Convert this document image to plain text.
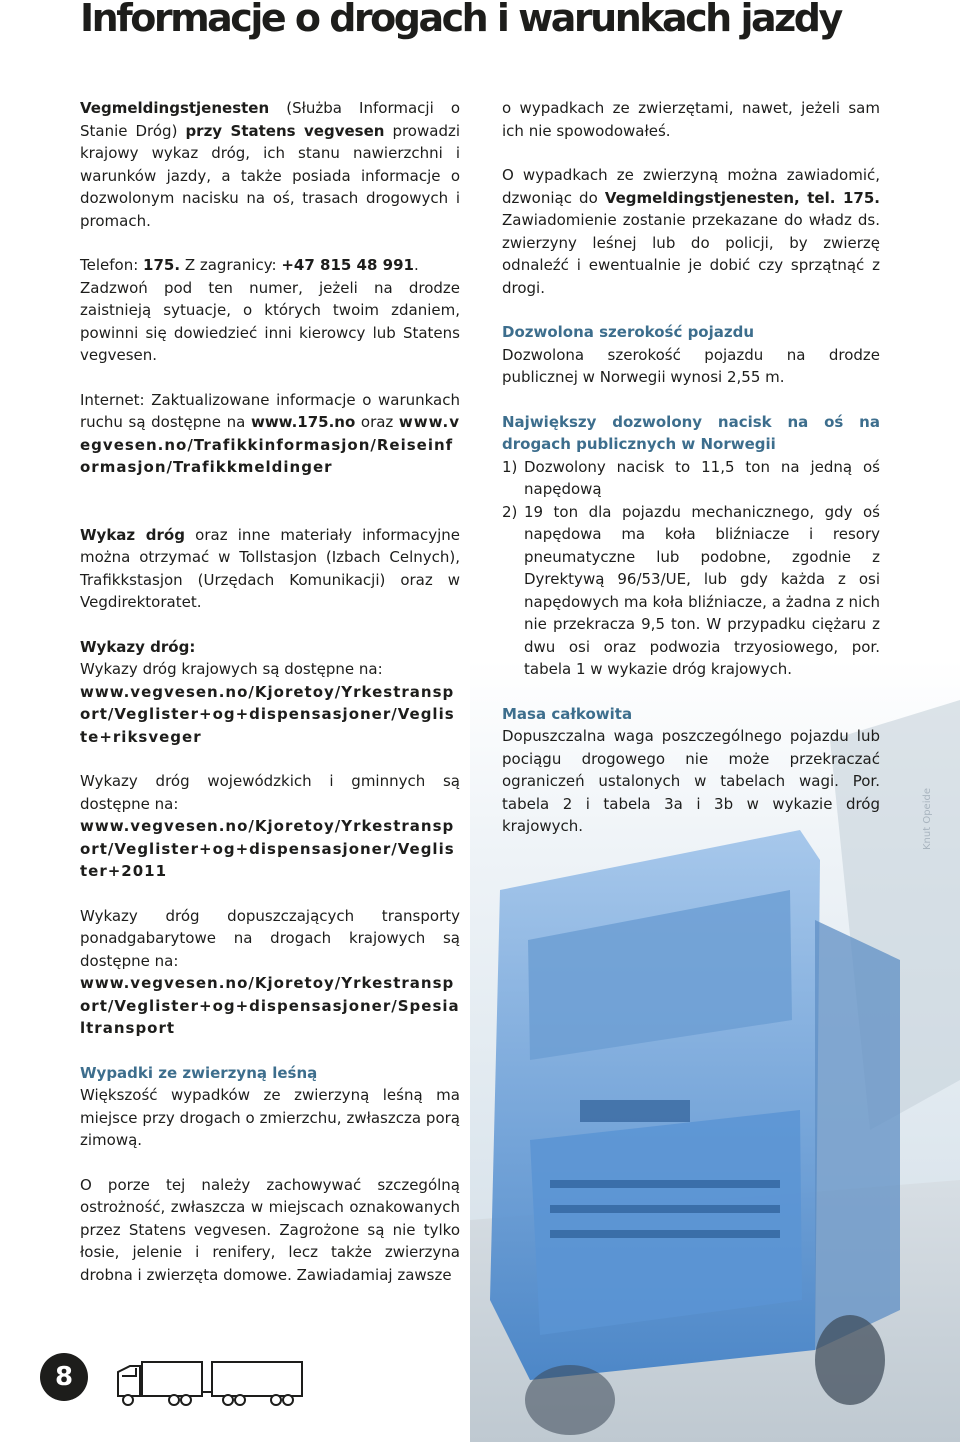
Knut Opeide
Informacje o drogach i warunkach jazdy

Vegmeldingstjenesten (Służba Informacji o Stanie Dróg) przy Statens vegvesen prowadzi krajowy wykaz dróg, ich stanu nawierzchni i warunków jazdy, a także posiada informacje o dozwolonym nacisku na oś, trasach drogowych i promach.

Telefon: 175. Z zagranicy: +47 815 48 991.

Zadzwoń pod ten numer, jeżeli na drodze zaistnieją sytuacje, o których twoim zdaniem, powinni się dowiedzieć inni kierowcy lub Statens vegvesen.

Internet: Zaktualizowane informacje o warunkach ruchu są dostępne na www.175.no oraz www.vegvesen.no/Trafikkinformasjon/Reiseinformasjon/Trafikkmeldinger

Wykaz dróg oraz inne materiały informacyjne można otrzymać w Tollstasjon (Izbach Celnych), Trafikkstasjon (Urzędach Komunikacji) oraz w Vegdirektoratet.

Wykazy dróg:

Wykazy dróg krajowych są dostępne na:

www.vegvesen.no/Kjoretoy/Yrkestransport/Veglister+og+dispensasjoner/Vegliste+riksveger

Wykazy dróg wojewódzkich i gminnych są dostępne na:

www.vegvesen.no/Kjoretoy/Yrkestransport/Veglister+og+dispensasjoner/Veglister+2011

Wykazy dróg dopuszczających transporty ponadgabarytowe na drogach krajowych są dostępne na:

www.vegvesen.no/Kjoretoy/Yrkestransport/Veglister+og+dispensasjoner/Spesialtransport

Wypadki ze zwierzyną leśną

Większość wypadków ze zwierzyną leśną ma miejsce przy drogach o zmierzchu, zwłaszcza porą zimową.

O porze tej należy zachowywać szczególną ostrożność, zwłaszcza w miejscach oznakowanych przez Statens vegvesen. Zagrożone są nie tylko łosie, jelenie i renifery, lecz także zwierzyna drobna i zwierzęta domowe. Zawiadamiaj zawsze

o wypadkach ze zwierzętami, nawet, jeżeli sam ich nie spowodowałeś.

O wypadkach ze zwierzyną można zawiadomić, dzwoniąc do Vegmeldingstjenesten, tel. 175. Zawiadomienie zostanie przekazane do władz ds. zwierzyny leśnej lub do policji, by zwierzę odnaleźć i ewentualnie je dobić czy sprzątnąć z drogi.

Dozwolona szerokość pojazdu

Dozwolona szerokość pojazdu na drodze publicznej w Norwegii wynosi 2,55 m.

Największy dozwolony nacisk na oś na drogach publicznych w Norwegii

1) Dozwolony nacisk to 11,5 ton na jedną oś napędową
2) 19 ton dla pojazdu mechanicznego, gdy oś napędowa ma koła bliźniacze i resory pneumatyczne lub podobne, zgodnie z Dyrektywą 96/53/UE, lub gdy każda z osi napędowych ma koła bliźniacze, a żadna z nich nie przekracza 9,5 ton. W przypadku ciężaru z dwu osi oraz podwozia trzyosiowego, por. tabela 1 w wykazie dróg krajowych.

Masa całkowita

Dopuszczalna waga poszczególnego pojazdu lub pociągu drogowego nie może przekraczać ograniczeń ustalonych w tabelach wagi. Por. tabela 2 i tabela 3a i 3b w wykazie dróg krajowych.

8
